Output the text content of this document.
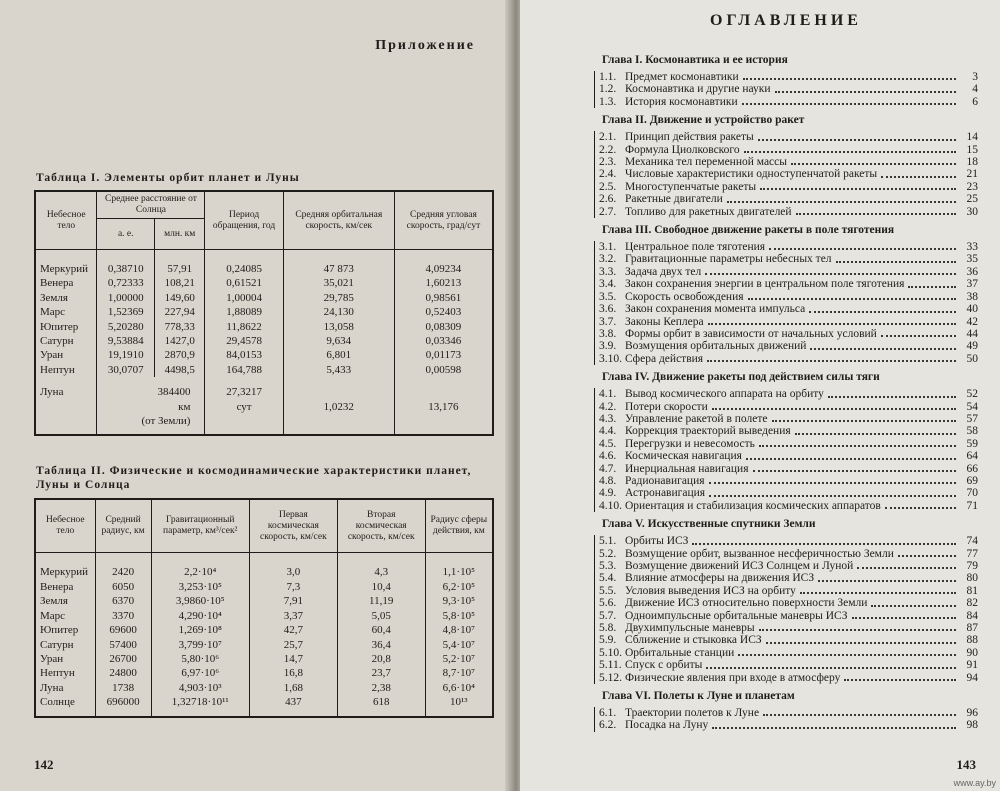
Приложение
Таблица I. Элементы орбит планет и Луны
Небесное тело	Среднее расстояние от Солнца		Период обращения, год	Средняя орбитальная скорость, км/сек	Средняя угловая скорость, град/сут
	а. е.	млн. км			
Меркурий	0,38710	57,91	0,24085	47 873	4,09234
Венера	0,72333	108,21	0,61521	35,021	1,60213
Земля	1,00000	149,60	1,00004	29,785	0,98561
Марс	1,52369	227,94	1,88089	24,130	0,52403
Юпитер	5,20280	778,33	11,8622	13,058	0,08309
Сатурн	9,53884	1427,0	29,4578	9,634	0,03346
Уран	19,1910	2870,9	84,0153	6,801	0,01173
Нептун	30,0707	4498,5	164,788	5,433	0,00598
Луна	384400		27,3217		
	км		сут	1,0232	13,176
	(от Земли)				
Таблица II. Физические и космодинамические характеристики планет, Луны и Солнца
Небесное тело	Средний радиус, км	Гравитационный параметр, км³/сек²	Первая космическая скорость, км/сек	Вторая космическая скорость, км/сек	Радиус сферы действия, км
Меркурий	2420	2,2·10⁴	3,0	4,3	1,1·10⁵
Венера	6050	3,253·10⁵	7,3	10,4	6,2·10⁵
Земля	6370	3,9860·10⁵	7,91	11,19	9,3·10⁵
Марс	3370	4,290·10⁴	3,37	5,05	5,8·10⁵
Юпитер	69600	1,269·10⁸	42,7	60,4	4,8·10⁷
Сатурн	57400	3,799·10⁷	25,7	36,4	5,4·10⁷
Уран	26700	5,80·10⁶	14,7	20,8	5,2·10⁷
Нептун	24800	6,97·10⁶	16,8	23,7	8,7·10⁷
Луна	1738	4,903·10³	1,68	2,38	6,6·10⁴
Солнце	696000	1,32718·10¹¹	437	618	10¹³
142
ОГЛАВЛЕНИЕ
Глава I. Космонавтика и ее история
1.1. Предмет космонавтики	3
1.2. Космонавтика и другие науки	4
1.3. История космонавтики	6
Глава II. Движение и устройство ракет
2.1. Принцип действия ракеты	14
2.2. Формула Циолковского	15
2.3. Механика тел переменной массы	18
2.4. Числовые характеристики одноступенчатой ракеты	21
2.5. Многоступенчатые ракеты	23
2.6. Ракетные двигатели	25
2.7. Топливо для ракетных двигателей	30
Глава III. Свободное движение ракеты в поле тяготения
3.1. Центральное поле тяготения	33
3.2. Гравитационные параметры небесных тел	35
3.3. Задача двух тел	36
3.4. Закон сохранения энергии в центральном поле тяготения	37
3.5. Скорость освобождения	38
3.6. Закон сохранения момента импульса	40
3.7. Законы Кеплера	42
3.8. Формы орбит в зависимости от начальных условий	44
3.9. Возмущения орбитальных движений	49
3.10. Сфера действия	50
Глава IV. Движение ракеты под действием силы тяги
4.1. Вывод космического аппарата на орбиту	52
4.2. Потери скорости	54
4.3. Управление ракетой в полете	57
4.4. Коррекция траекторий выведения	58
4.5. Перегрузки и невесомость	59
4.6. Космическая навигация	64
4.7. Инерциальная навигация	66
4.8. Радионавигация	69
4.9. Астронавигация	70
4.10. Ориентация и стабилизация космических аппаратов	71
Глава V. Искусственные спутники Земли
5.1. Орбиты ИСЗ	74
5.2. Возмущение орбит, вызванное несферичностью Земли	77
5.3. Возмущение движений ИСЗ Солнцем и Луной	79
5.4. Влияние атмосферы на движения ИСЗ	80
5.5. Условия выведения ИСЗ на орбиту	81
5.6. Движение ИСЗ относительно поверхности Земли	82
5.7. Одноимпульсные орбитальные маневры ИСЗ	84
5.8. Двухимпульсные маневры	87
5.9. Сближение и стыковка ИСЗ	88
5.10. Орбитальные станции	90
5.11. Спуск с орбиты	91
5.12. Физические явления при входе в атмосферу	94
Глава VI. Полеты к Луне и планетам
6.1. Траектории полетов к Луне	96
6.2. Посадка на Луну	98
143
www.ay.by
